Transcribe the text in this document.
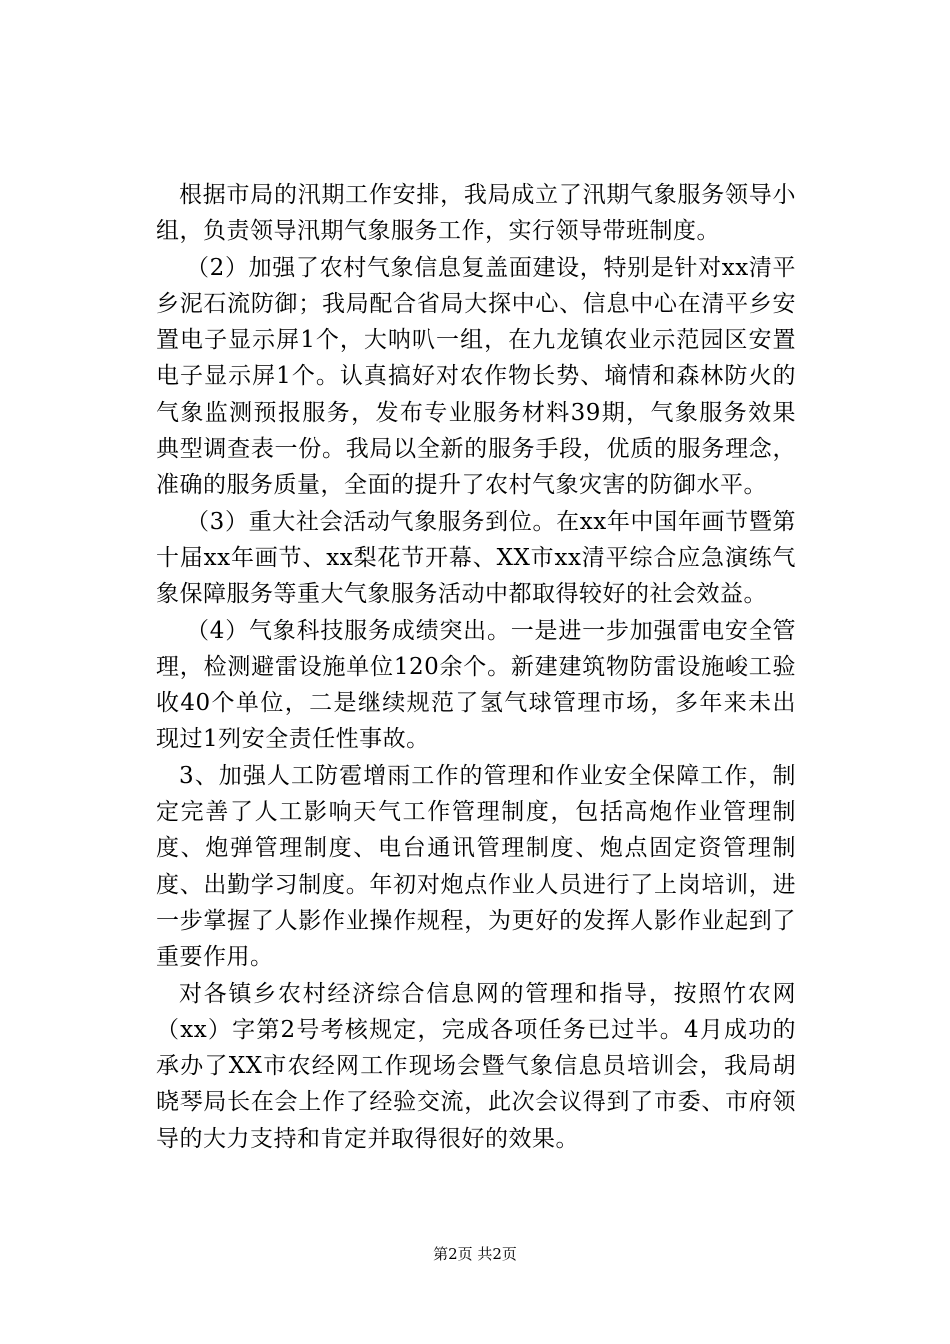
根据市局的汛期工作安排，我局成立了汛期气象服务领导小组，负责领导汛期气象服务工作，实行领导带班制度。

（2）加强了农村气象信息复盖面建设，特别是针对xx清平乡泥石流防御；我局配合省局大探中心、信息中心在清平乡安置电子显示屏1个，大呐叭一组，在九龙镇农业示范园区安置电子显示屏1个。认真搞好对农作物长势、墒情和森林防火的气象监测预报服务，发布专业服务材料39期，气象服务效果典型调查表一份。我局以全新的服务手段，优质的服务理念，准确的服务质量，全面的提升了农村气象灾害的防御水平。

（3）重大社会活动气象服务到位。在xx年中国年画节暨第十届xx年画节、xx梨花节开幕、XX市xx清平综合应急演练气象保障服务等重大气象服务活动中都取得较好的社会效益。

（4）气象科技服务成绩突出。一是进一步加强雷电安全管理，检测避雷设施单位120余个。新建建筑物防雷设施峻工验收40个单位，二是继续规范了氢气球管理市场，多年来未出现过1列安全责任性事故。

3、加强人工防雹增雨工作的管理和作业安全保障工作，制定完善了人工影响天气工作管理制度，包括高炮作业管理制度、炮弹管理制度、电台通讯管理制度、炮点固定资管理制度、出勤学习制度。年初对炮点作业人员进行了上岗培训，进一步掌握了人影作业操作规程，为更好的发挥人影作业起到了重要作用。

对各镇乡农村经济综合信息网的管理和指导，按照竹农网（xx）字第2号考核规定，完成各项任务已过半。4月成功的承办了XX市农经网工作现场会暨气象信息员培训会，我局胡晓琴局长在会上作了经验交流，此次会议得到了市委、市府领导的大力支持和肯定并取得很好的效果。

第2页 共2页
